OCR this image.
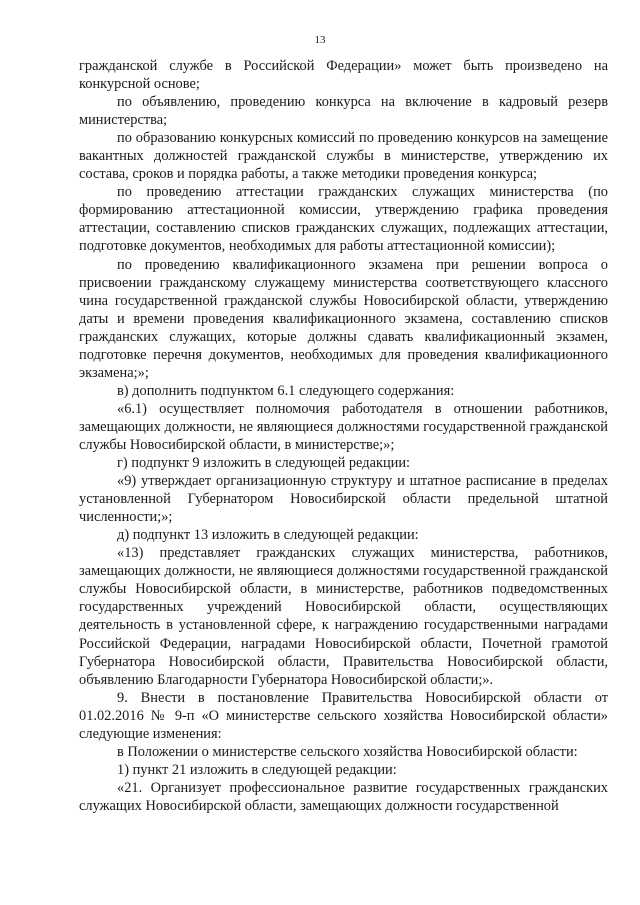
13

гражданской службе в Российской Федерации» может быть произведено на конкурсной основе;

по объявлению, проведению конкурса на включение в кадровый резерв министерства;

по образованию конкурсных комиссий по проведению конкурсов на замещение вакантных должностей гражданской службы в министерстве, утверждению их состава, сроков и порядка работы, а также методики проведения конкурса;

по проведению аттестации гражданских служащих министерства (по формированию аттестационной комиссии, утверждению графика проведения аттестации, составлению списков гражданских служащих, подлежащих аттестации, подготовке документов, необходимых для работы аттестационной комиссии);

по проведению квалификационного экзамена при решении вопроса о присвоении гражданскому служащему министерства соответствующего классного чина государственной гражданской службы Новосибирской области, утверждению даты и времени проведения квалификационного экзамена, составлению списков гражданских служащих, которые должны сдавать квалификационный экзамен, подготовке перечня документов, необходимых для проведения квалификационного экзамена;»;

в) дополнить подпунктом 6.1 следующего содержания:

«6.1) осуществляет полномочия работодателя в отношении работников, замещающих должности, не являющиеся должностями государственной гражданской службы Новосибирской области, в министерстве;»;

г) подпункт 9 изложить в следующей редакции:

«9) утверждает организационную структуру и штатное расписание в пределах установленной Губернатором Новосибирской области предельной штатной численности;»;

д) подпункт 13 изложить в следующей редакции:

«13) представляет гражданских служащих министерства, работников, замещающих должности, не являющиеся должностями государственной гражданской службы Новосибирской области, в министерстве, работников подведомственных государственных учреждений Новосибирской области, осуществляющих деятельность в установленной сфере, к награждению государственными наградами Российской Федерации, наградами Новосибирской области, Почетной грамотой Губернатора Новосибирской области, Правительства Новосибирской области, объявлению Благодарности Губернатора Новосибирской области;».

9. Внести в постановление Правительства Новосибирской области от 01.02.2016 № 9-п «О министерстве сельского хозяйства Новосибирской области» следующие изменения:

в Положении о министерстве сельского хозяйства Новосибирской области:

1) пункт 21 изложить в следующей редакции:

«21. Организует профессиональное развитие государственных гражданских служащих Новосибирской области, замещающих должности государственной
